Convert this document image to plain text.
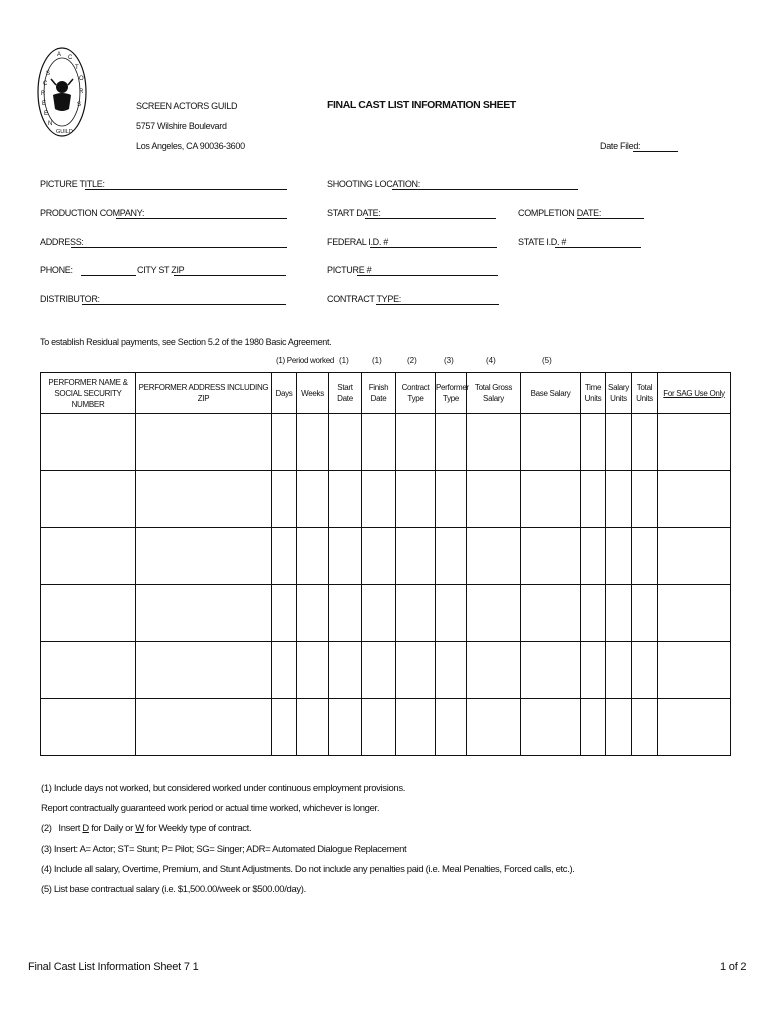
S
C
R
E
E
N
A C
T
O
R
S
GUILD
SCREEN ACTORS GUILD
5757 Wilshire Boulevard
Los Angeles, CA 90036-3600
FINAL CAST LIST INFORMATION SHEET
Date Filed:
PICTURE TITLE:	SHOOTING LOCATION:
PRODUCTION COMPANY:	START DATE:	COMPLETION DATE:
ADDRESS:	FEDERAL I.D. #	STATE I.D. #
PHONE:	CITY ST ZIP	PICTURE #
DISTRIBUTOR:	CONTRACT TYPE:
To establish Residual payments, see Section 5.2 of the 1980 Basic Agreement.
(1) Period worked (1)	(1)	(2)	(3)	(4)	(5)
PERFORMER NAME & SOCIAL SECURITY NUMBER	PERFORMER ADDRESS INCLUDING ZIP	Days	Weeks	Start Date	Finish Date	Contract Type	Performer Type	Total Gross Salary	Base Salary	Time Units	Salary Units	Total Units	For SAG Use Only

(1) Include days not worked, but considered worked under continuous employment provisions.
Report contractually guaranteed work period or actual time worked, whichever is longer.
(2)   Insert D for Daily or W for Weekly type of contract.
(3) Insert: A= Actor; ST= Stunt; P= Pilot; SG= Singer; ADR= Automated Dialogue Replacement
(4) Include all salary, Overtime, Premium, and Stunt Adjustments. Do not include any penalties paid (i.e. Meal Penalties, Forced calls, etc.).
(5) List base contractual salary (i.e. $1,500.00/week or $500.00/day).
Final Cast List Information Sheet 7 1	1 of 2
